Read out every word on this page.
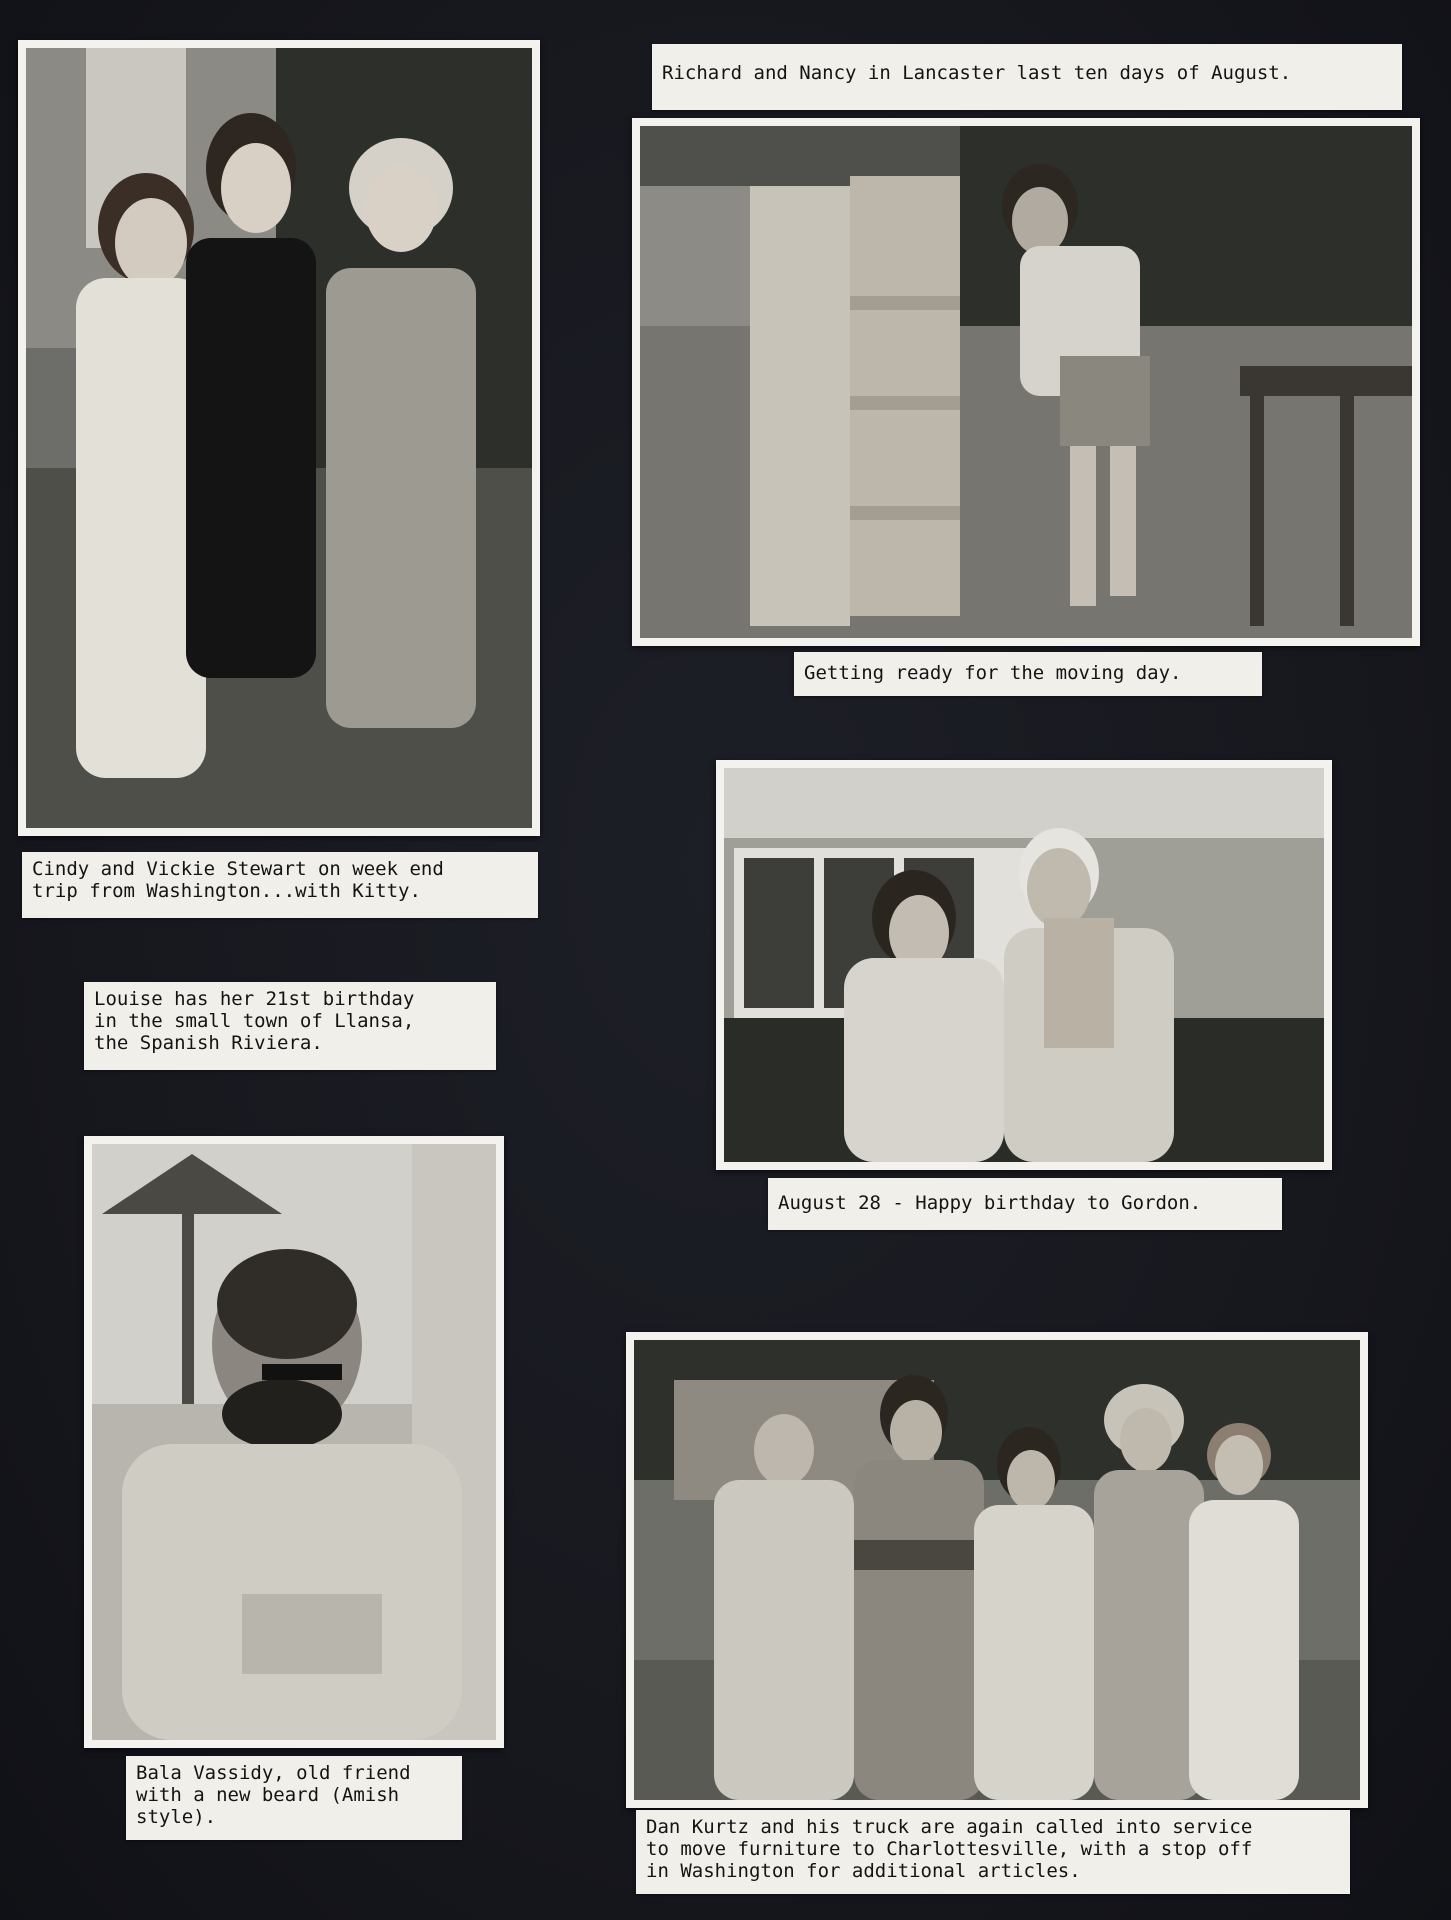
Cindy and Vickie Stewart on week end
trip from Washington...with Kitty.
Louise has her 21st birthday
in the small town of Llansa,
the Spanish Riviera.
Bala Vassidy, old friend
with a new beard (Amish
style).
Richard and Nancy in Lancaster last ten days of August.
Getting ready for the moving day.
August 28 - Happy birthday to Gordon.
Dan Kurtz and his truck are again called into service
to move furniture to Charlottesville, with a stop off
in Washington for additional articles.
